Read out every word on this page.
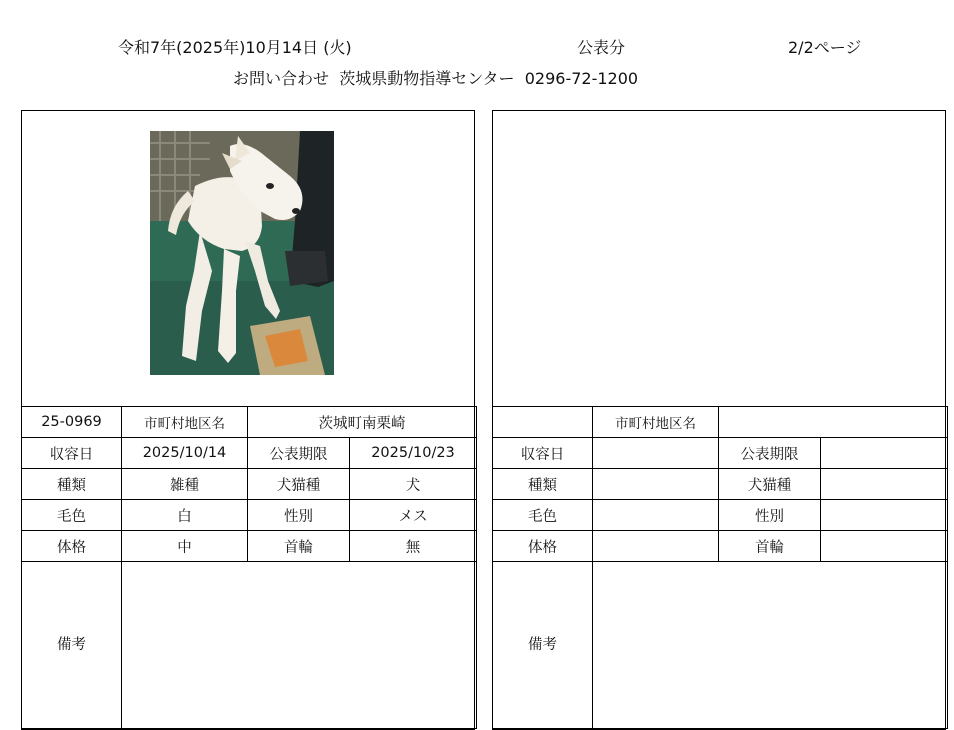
令和7年(2025年)10月14日 (火)	公表分	2/2ページ
お問い合わせ 茨城県動物指導センター 0296-72-1200
25-0969	市町村地区名	茨城町南栗崎	
収容日	2025/10/14	公表期限	2025/10/23
種類	雑種	犬猫種	犬
毛色	白	性別	メス
体格	中	首輪	無
備考			
	市町村地区名		
収容日		公表期限	
種類		犬猫種	
毛色		性別	
体格		首輪	
備考			
